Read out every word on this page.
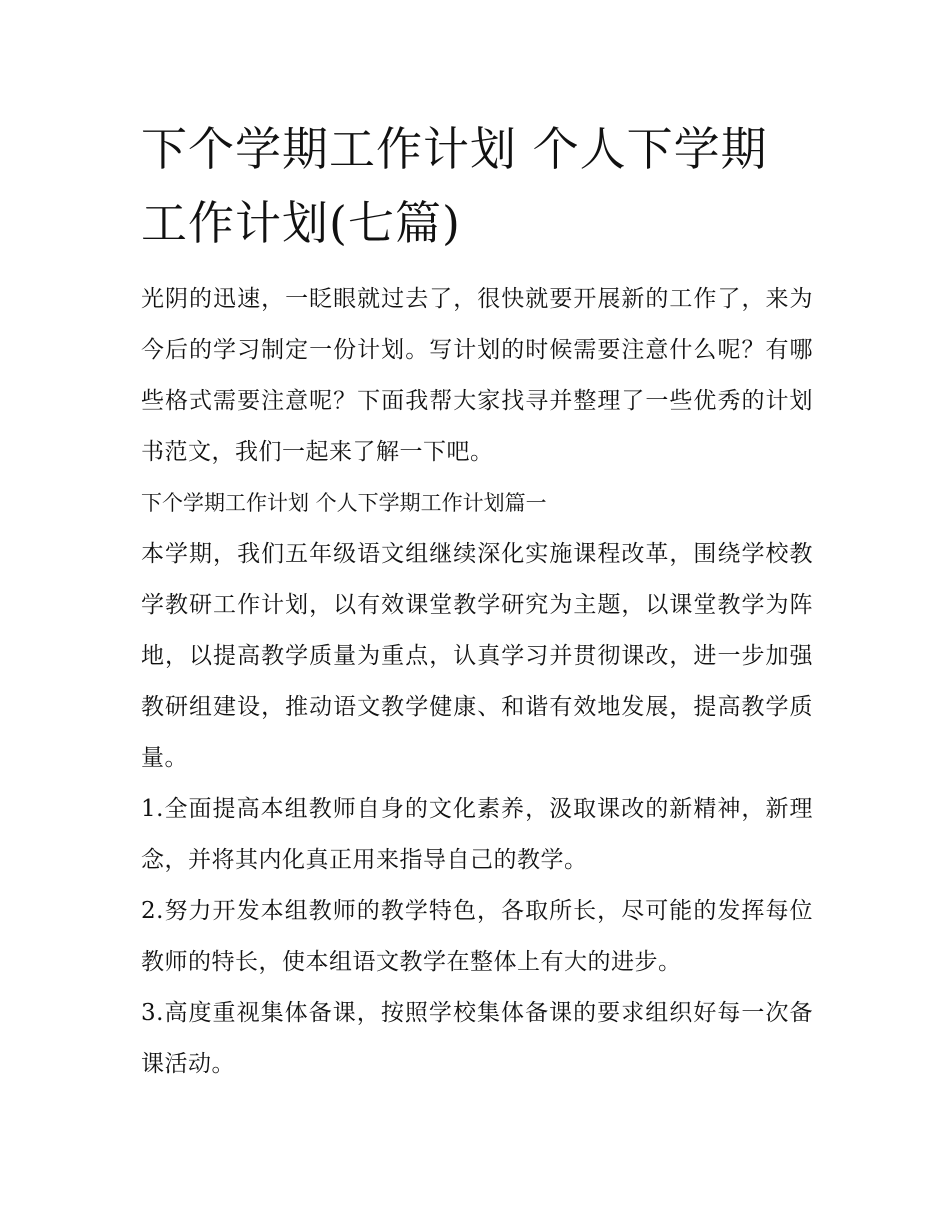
下个学期工作计划 个人下学期工作计划(七篇)

光阴的迅速，一眨眼就过去了，很快就要开展新的工作了，来为今后的学习制定一份计划。写计划的时候需要注意什么呢？有哪些格式需要注意呢？下面我帮大家找寻并整理了一些优秀的计划书范文，我们一起来了解一下吧。

下个学期工作计划 个人下学期工作计划篇一

本学期，我们五年级语文组继续深化实施课程改革，围绕学校教学教研工作计划，以有效课堂教学研究为主题，以课堂教学为阵地，以提高教学质量为重点，认真学习并贯彻课改，进一步加强教研组建设，推动语文教学健康、和谐有效地发展，提高教学质量。

1.全面提高本组教师自身的文化素养，汲取课改的新精神，新理念，并将其内化真正用来指导自己的教学。

2.努力开发本组教师的教学特色，各取所长，尽可能的发挥每位教师的特长，使本组语文教学在整体上有大的进步。

3.高度重视集体备课，按照学校集体备课的要求组织好每一次备课活动。
